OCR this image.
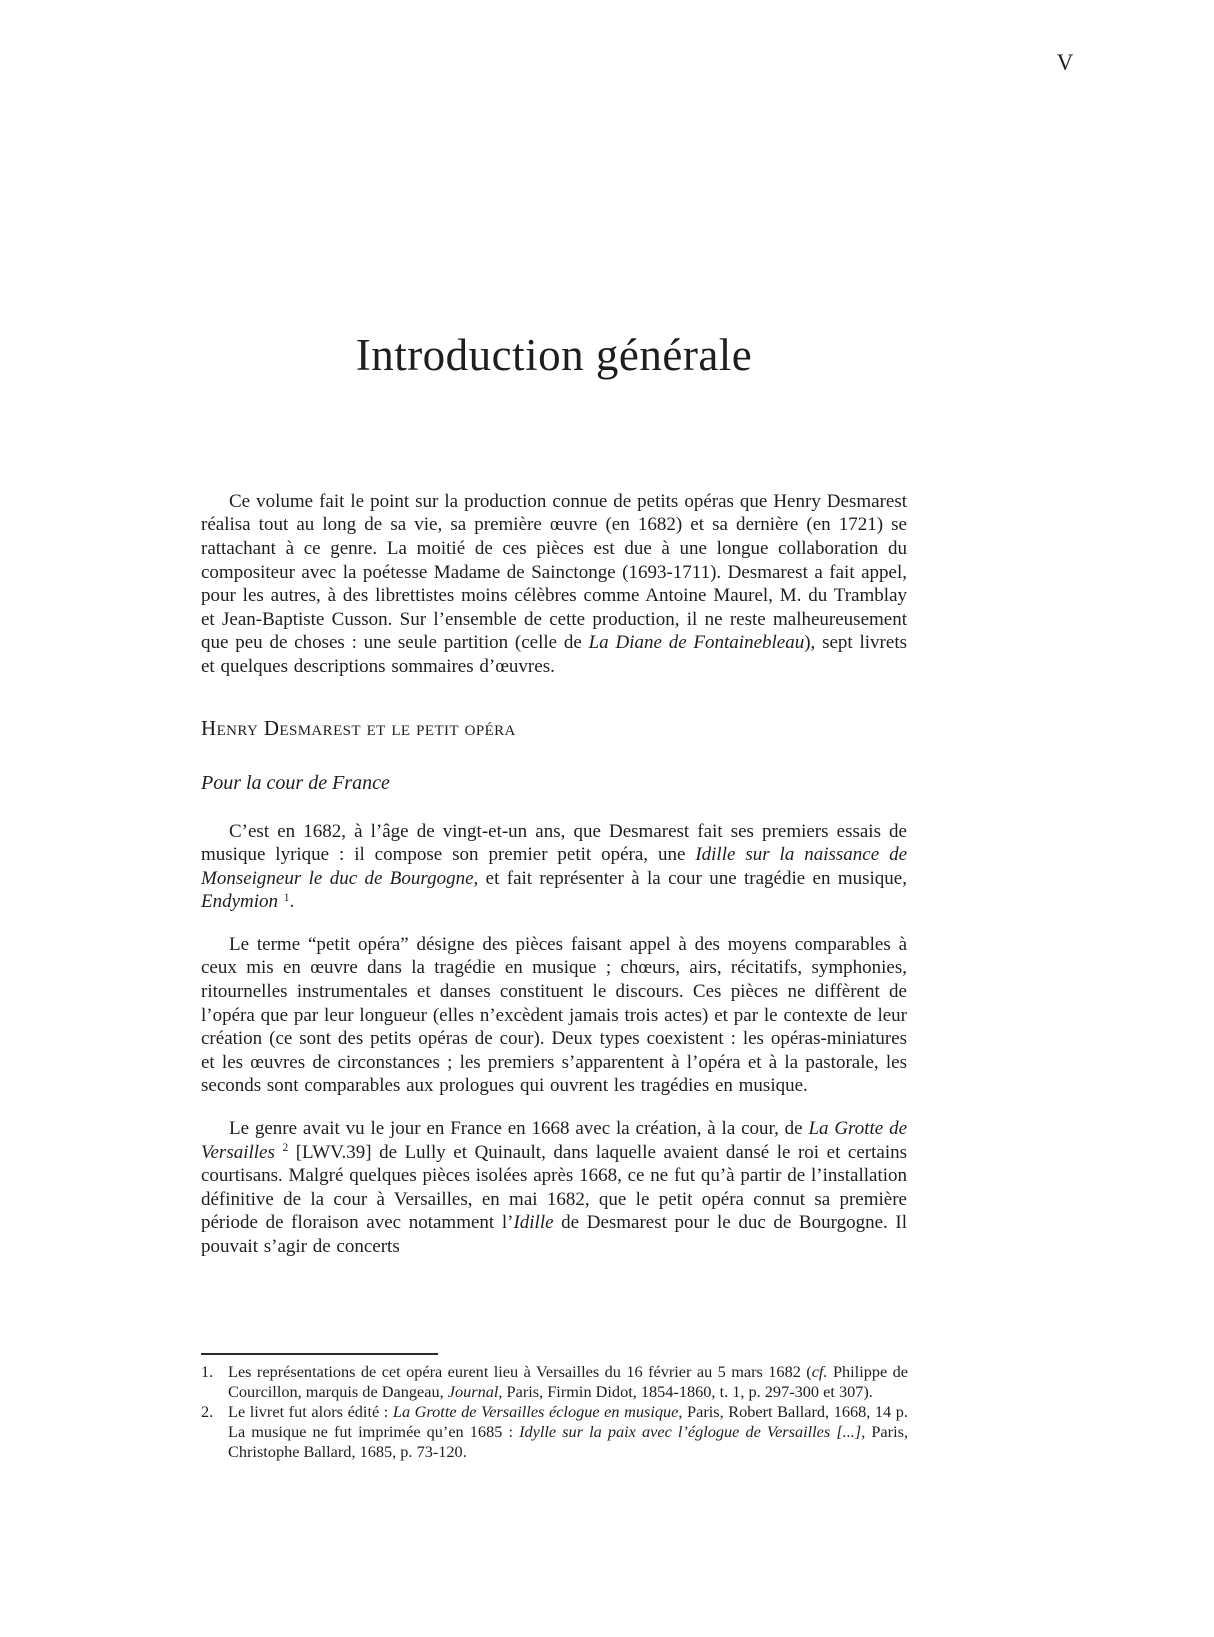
V
Introduction générale

Ce volume fait le point sur la production connue de petits opéras que Henry Desmarest réalisa tout au long de sa vie, sa première œuvre (en 1682) et sa dernière (en 1721) se rattachant à ce genre. La moitié de ces pièces est due à une longue collaboration du compositeur avec la poétesse Madame de Sainctonge (1693-1711). Desmarest a fait appel, pour les autres, à des librettistes moins célèbres comme Antoine Maurel, M. du Tramblay et Jean-Baptiste Cusson. Sur l’ensemble de cette production, il ne reste malheureusement que peu de choses : une seule partition (celle de La Diane de Fontainebleau), sept livrets et quelques descriptions sommaires d’œuvres.

Henry Desmarest et le petit opéra
Pour la cour de France

C’est en 1682, à l’âge de vingt-et-un ans, que Desmarest fait ses premiers essais de musique lyrique : il compose son premier petit opéra, une Idille sur la naissance de Monseigneur le duc de Bourgogne, et fait représenter à la cour une tragédie en musique, Endymion $^1$.

Le terme “petit opéra” désigne des pièces faisant appel à des moyens comparables à ceux mis en œuvre dans la tragédie en musique ; chœurs, airs, récitatifs, symphonies, ritournelles instrumentales et danses constituent le discours. Ces pièces ne diffèrent de l’opéra que par leur longueur (elles n’excèdent jamais trois actes) et par le contexte de leur création (ce sont des petits opéras de cour). Deux types coexistent : les opéras-miniatures et les œuvres de circonstances ; les premiers s’apparentent à l’opéra et à la pastorale, les seconds sont comparables aux prologues qui ouvrent les tragédies en musique.

Le genre avait vu le jour en France en 1668 avec la création, à la cour, de La Grotte de Versailles $^2$ [LWV.39] de Lully et Quinault, dans laquelle avaient dansé le roi et certains courtisans. Malgré quelques pièces isolées après 1668, ce ne fut qu’à partir de l’installation définitive de la cour à Versailles, en mai 1682, que le petit opéra connut sa première période de floraison avec notamment l’Idille de Desmarest pour le duc de Bourgogne. Il pouvait s’agir de concerts

1. Les représentations de cet opéra eurent lieu à Versailles du 16 février au 5 mars 1682 (cf. Philippe de Courcillon, marquis de Dangeau, Journal, Paris, Firmin Didot, 1854-1860, t. 1, p. 297-300 et 307).
2. Le livret fut alors édité : La Grotte de Versailles éclogue en musique, Paris, Robert Ballard, 1668, 14 p. La musique ne fut imprimée qu’en 1685 : Idylle sur la paix avec l’églogue de Versailles [...], Paris, Christophe Ballard, 1685, p. 73-120.
